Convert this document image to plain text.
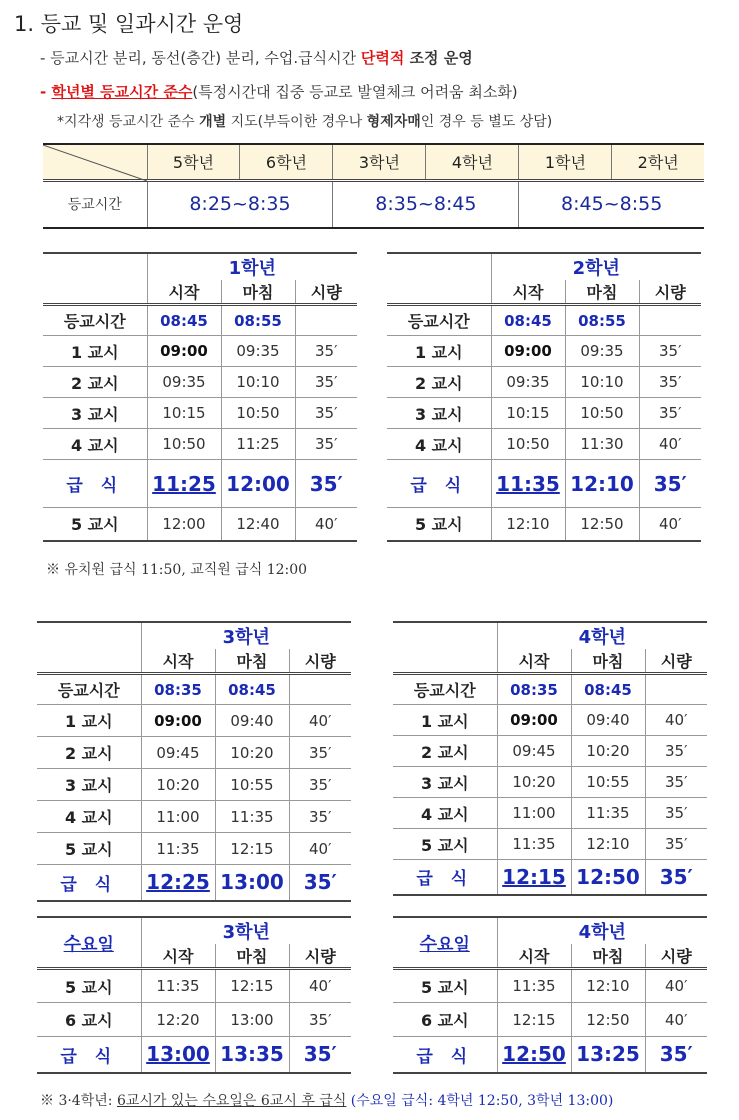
1. 등교 및 일과시간 운영
- 등교시간 분리, 동선(층간) 분리, 수업.급식시간 단력적 조정 운영
- 학년별 등교시간 준수(특정시간대 집중 등교로 발열체크 어려움 최소화)
*지각생 등교시간 준수 개별 지도(부득이한 경우나 형제자매인 경우 등 별도 상담)
	5학년	6학년	3학년	4학년	1학년	2학년
등교시간	8:25~8:35		8:35~8:45		8:45~8:55	
	1학년		
	시작	마침	시량
등교시간	08:45	08:55	
1 교시	09:00	09:35	35′
2 교시	09:35	10:10	35′
3 교시	10:15	10:50	35′
4 교시	10:50	11:25	35′
급 식	11:25	12:00	35′
5 교시	12:00	12:40	40′
	2학년		
	시작	마침	시량
등교시간	08:45	08:55	
1 교시	09:00	09:35	35′
2 교시	09:35	10:10	35′
3 교시	10:15	10:50	35′
4 교시	10:50	11:30	40′
급 식	11:35	12:10	35′
5 교시	12:10	12:50	40′
※ 유치원 급식 11:50, 교직원 급식 12:00
	3학년		
	시작	마침	시량
등교시간	08:35	08:45	
1 교시	09:00	09:40	40′
2 교시	09:45	10:20	35′
3 교시	10:20	10:55	35′
4 교시	11:00	11:35	35′
5 교시	11:35	12:15	40′
급 식	12:25	13:00	35′
	4학년		
	시작	마침	시량
등교시간	08:35	08:45	
1 교시	09:00	09:40	40′
2 교시	09:45	10:20	35′
3 교시	10:20	10:55	35′
4 교시	11:00	11:35	35′
5 교시	11:35	12:10	35′
급 식	12:15	12:50	35′
수요일	3학년		
	시작	마침	시량
5 교시	11:35	12:15	40′
6 교시	12:20	13:00	35′
급 식	13:00	13:35	35′
수요일	4학년		
	시작	마침	시량
5 교시	11:35	12:10	40′
6 교시	12:15	12:50	40′
급 식	12:50	13:25	35′
※ 3·4학년: 6교시가 있는 수요일은 6교시 후 급식 (수요일 급식: 4학년 12:50, 3학년 13:00)
